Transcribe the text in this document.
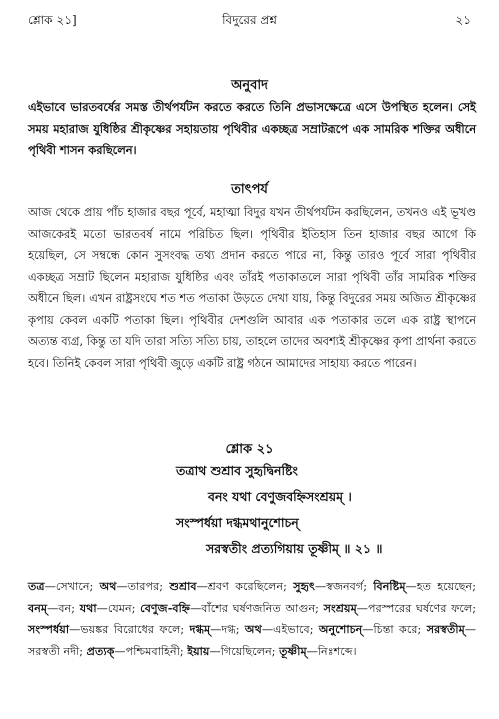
শ্লোক ২১]	বিদুরের প্রশ্ন	২১
অনুবাদ
এইভাবে ভারতবর্ষের সমস্ত তীর্থপর্যটন করতে করতে তিনি প্রভাসক্ষেত্রে এসে উপস্থিত হলেন। সেই সময় মহারাজ যুধিষ্ঠির শ্রীকৃষ্ণের সহায়তায় পৃথিবীর একচ্ছত্র সম্রাটরূপে এক সামরিক শক্তির অধীনে পৃথিবী শাসন করছিলেন।
তাৎপর্য
আজ থেকে প্রায় পাঁচ হাজার বছর পূর্বে, মহাত্মা বিদুর যখন তীর্থপর্যটন করছিলেন, তখনও এই ভূখণ্ড আজকেরই মতো ভারতবর্ষ নামে পরিচিত ছিল। পৃথিবীর ইতিহাস তিন হাজার বছর আগে কি হয়েছিল, সে সম্বন্ধে কোন সুসংবদ্ধ তথ্য প্রদান করতে পারে না, কিন্তু তারও পূর্বে সারা পৃথিবীর একচ্ছত্র সম্রাট ছিলেন মহারাজ যুধিষ্ঠির এবং তাঁরই পতাকাতলে সারা পৃথিবী তাঁর সামরিক শক্তির অধীনে ছিল। এখন রাষ্ট্রসংঘে শত শত পতাকা উড়তে দেখা যায়, কিন্তু বিদুরের সময় অজিত শ্রীকৃষ্ণের কৃপায় কেবল একটি পতাকা ছিল। পৃথিবীর দেশগুলি আবার এক পতাকার তলে এক রাষ্ট্র স্থাপনে অত্যন্ত ব্যগ্র, কিন্তু তা যদি তারা সত্যি সত্যি চায়, তাহলে তাদের অবশ্যই শ্রীকৃষ্ণের কৃপা প্রার্থনা করতে হবে। তিনিই কেবল সারা পৃথিবী জুড়ে একটি রাষ্ট্র গঠনে আমাদের সাহায্য করতে পারেন।
শ্লোক ২১
তত্রাথ শুশ্রাব সুহৃদ্বিনষ্টিং
বনং যথা বেণুজবহ্নিসংশ্রয়ম্ ।
সংস্পর্ধয়া দগ্ধমথানুশোচন্
সরস্বতীং প্রত্যগিয়ায় তূষ্ণীম্ ॥ ২১ ॥
তত্র—সেখানে; অথ—তারপর; শুশ্রাব—শ্রবণ করেছিলেন; সুহৃৎ—স্বজনবর্গ; বিনষ্টিম্—হত হয়েছেন; বনম্—বন; যথা—যেমন; বেণুজ-বহ্নি—বাঁশের ঘর্ষণজনিত আগুন; সংশ্রয়ম্—পরস্পরের ঘর্ষণের ফলে; সংস্পর্ধয়া—ভয়ঙ্কর বিরোধের ফলে; দগ্ধম্—দগ্ধ; অথ—এইভাবে; অনুশোচন্—চিন্তা করে; সরস্বতীম্—সরস্বতী নদী; প্রত্যক্—পশ্চিমবাহিনী; ইয়ায়—গিয়েছিলেন; তূষ্ণীম্—নিঃশব্দে।
